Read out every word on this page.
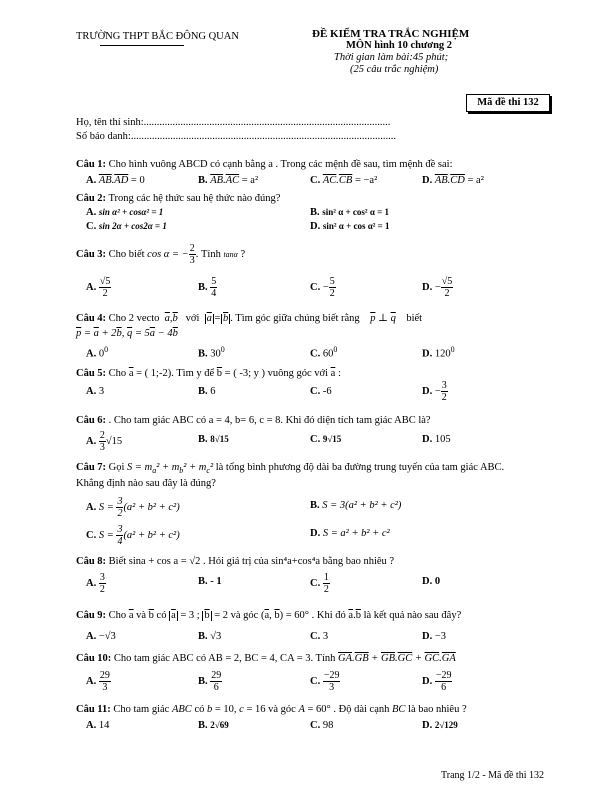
TRƯỜNG THPT BẮC ĐÔNG QUAN	ĐỀ KIỂM TRA TRẮC NGHIỆM
MÔN hình 10 chương 2
Thời gian làm bài:45 phút;
(25 câu trắc nghiệm)
Mã đề thi 132
Họ, tên thí sinh:..............................................................................................
Số báo danh:.....................................................................................................
Câu 1: Cho hình vuông ABCD có cạnh bằng a . Trong các mệnh đề sau, tìm mệnh đề sai:
A. $\overline{AB}.\overline{AD} = 0$	B. $\overline{AB}.\overline{AC} = a^2$	C. $\overline{AC}.\overline{CB} = -a^2$	D. $\overline{AB}.\overline{CD} = a^2$
Câu 2: Trong các hệ thức sau hệ thức nào đúng?
A. sin α² + cosα² = 1	B. sin² α + cos² α = 1
C. sin 2α + cos2α = 1	D. sin² α + cos α² = 1
Câu 3: Cho biết cos α = − $\frac{2}{3}$ . Tính tanα ?
A. $\frac{√5}{2}$	B. $\frac{5}{4}$	C. − $\frac{5}{2}$	D. − $\frac{√5}{2}$
Câu 4: Cho 2 vecto $\overline{a},\overline{b}$ với $\overline{a} = \overline{b}$ . Tìm góc giữa chúng biết rằng $\overline{p}$ ⊥ $\overline{q}$ biết
$\overline{p} = \overline{a} + 2\overline{b}$, $\overline{q} = 5\overline{a} - 4\overline{b}$
A. $0^0$	B. $30^0$	C. $60^0$	D. $120^0$
Câu 5: Cho $\overline{a}$ = ( 1;-2). Tìm y để $\overline{b}$ = ( -3; y ) vuông góc với $\overline{a}$ :
A. 3	B. 6	C. -6	D. − $\frac{3}{2}$
Câu 6: . Cho tam giác ABC có a = 4, b= 6, c = 8. Khi đó diện tích tam giác ABC là?
A. $\frac{2}{3} √15$	B. 8√15	C. 9√15	D. 105
Câu 7: Gọi $S = m_a^2 + m_b^2 + m_c^2$ là tổng bình phương độ dài ba đường trung tuyến của tam giác ABC.
Khẳng định nào sau đây là đúng?
A. $S = \frac{3}{2} (a^2 + b^2 + c^2)$	B. S = 3(a² + b² + c²)
C. $S = \frac{3}{4} (a^2 + b^2 + c^2)$	D. S = a² + b² + c²
Câu 8: Biết sina + cos a = √2 . Hỏi giá trị của sin⁴a+cos⁴a bằng bao nhiêu ?
A. $\frac{3}{2}$	B. - 1	C. $\frac{1}{2}$	D. 0
Câu 9: Cho $\overline{a}$ và $\overline{b}$ có $\overline{a} = 3$ ; $\overline{b} = 2$ và góc ($\overline{a}$, $\overline{b}) = 60^\circ$ . Khi đó $\overline{a}.\overline{b}$ là kết quả nào sau đây?
A. −√3	B. √3	C. 3	D. −3
Câu 10: Cho tam giác ABC có AB = 2, BC = 4, CA = 3. Tính $\overline{GA}.\overline{GB} + \overline{GB}.\overline{GC} + \overline{GC}.\overline{GA}$
A. $\frac{29}{3}$	B. $\frac{29}{6}$	C. $\frac{-29}{3}$	D. $\frac{-29}{6}$
Câu 11: Cho tam giác ABC có b = 10, c = 16 và góc A = 60° . Độ dài cạnh BC là bao nhiêu ?
A. 14	B. 2√69	C. 98	D. 2√129
Trang 1/2 - Mã đề thi 132
